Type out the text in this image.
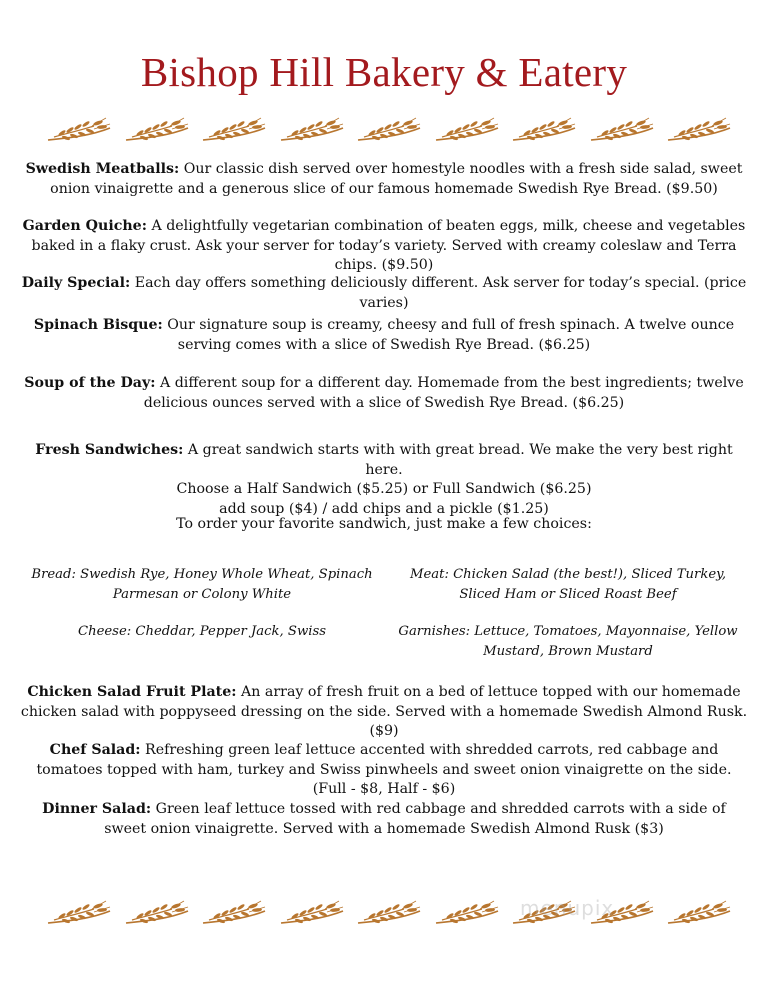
Bishop Hill Bakery & Eatery
Swedish Meatballs: Our classic dish served over homestyle noodles with a fresh side salad, sweet onion vinaigrette and a generous slice of our famous homemade Swedish Rye Bread. ($9.50)
Garden Quiche: A delightfully vegetarian combination of beaten eggs, milk, cheese and vegetables baked in a flaky crust. Ask your server for today’s variety. Served with creamy coleslaw and Terra chips. ($9.50)
Daily Special: Each day offers something deliciously different. Ask server for today’s special. (price varies)
Spinach Bisque: Our signature soup is creamy, cheesy and full of fresh spinach. A twelve ounce serving comes with a slice of Swedish Rye Bread. ($6.25)
Soup of the Day: A different soup for a different day. Homemade from the best ingredients; twelve delicious ounces served with a slice of Swedish Rye Bread. ($6.25)
Fresh Sandwiches: A great sandwich starts with with great bread. We make the very best right here.
Choose a Half Sandwich ($5.25) or Full Sandwich ($6.25)
add soup ($4) / add chips and a pickle ($1.25)
To order your favorite sandwich, just make a few choices:
Bread: Swedish Rye, Honey Whole Wheat, Spinach Parmesan or Colony White
Meat: Chicken Salad (the best!), Sliced Turkey, Sliced Ham or Sliced Roast Beef
Cheese: Cheddar, Pepper Jack, Swiss	Garnishes: Lettuce, Tomatoes, Mayonnaise, Yellow Mustard, Brown Mustard
Chicken Salad Fruit Plate: An array of fresh fruit on a bed of lettuce topped with our homemade chicken salad with poppyseed dressing on the side. Served with a homemade Swedish Almond Rusk. ($9)
Chef Salad: Refreshing green leaf lettuce accented with shredded carrots, red cabbage and tomatoes topped with ham, turkey and Swiss pinwheels and sweet onion vinaigrette on the side. (Full - $8, Half - $6)
Dinner Salad: Green leaf lettuce tossed with red cabbage and shredded carrots with a side of sweet onion vinaigrette. Served with a homemade Swedish Almond Rusk ($3)
menupix
